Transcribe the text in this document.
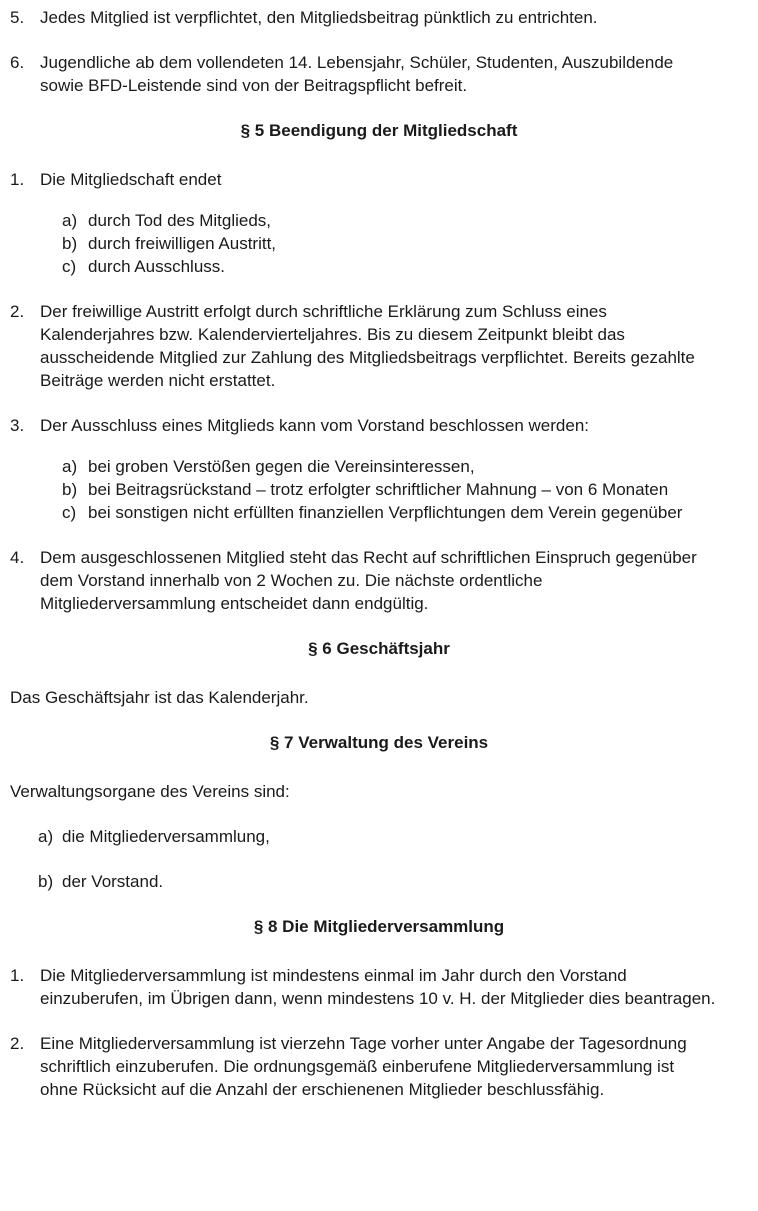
5. Jedes Mitglied ist verpflichtet, den Mitgliedsbeitrag pünktlich zu entrichten.
6. Jugendliche ab dem vollendeten 14. Lebensjahr, Schüler, Studenten, Auszubildende sowie BFD-Leistende sind von der Beitragspflicht befreit.
§ 5 Beendigung der Mitgliedschaft
1. Die Mitgliedschaft endet
a) durch Tod des Mitglieds,
b) durch freiwilligen Austritt,
c) durch Ausschluss.
2. Der freiwillige Austritt erfolgt durch schriftliche Erklärung zum Schluss eines Kalenderjahres bzw. Kalendervierteljahres. Bis zu diesem Zeitpunkt bleibt das ausscheidende Mitglied zur Zahlung des Mitgliedsbeitrags verpflichtet. Bereits gezahlte Beiträge werden nicht erstattet.
3. Der Ausschluss eines Mitglieds kann vom Vorstand beschlossen werden:
a) bei groben Verstößen gegen die Vereinsinteressen,
b) bei Beitragsrückstand – trotz erfolgter schriftlicher Mahnung – von 6 Monaten
c) bei sonstigen nicht erfüllten finanziellen Verpflichtungen dem Verein gegenüber
4. Dem ausgeschlossenen Mitglied steht das Recht auf schriftlichen Einspruch gegenüber dem Vorstand innerhalb von 2 Wochen zu. Die nächste ordentliche Mitgliederversammlung entscheidet dann endgültig.
§ 6 Geschäftsjahr
Das Geschäftsjahr ist das Kalenderjahr.
§ 7 Verwaltung des Vereins
Verwaltungsorgane des Vereins sind:
a) die Mitgliederversammlung,
b) der Vorstand.
§ 8 Die Mitgliederversammlung
1. Die Mitgliederversammlung ist mindestens einmal im Jahr durch den Vorstand einzuberufen, im Übrigen dann, wenn mindestens 10 v. H. der Mitglieder dies beantragen.
2. Eine Mitgliederversammlung ist vierzehn Tage vorher unter Angabe der Tagesordnung schriftlich einzuberufen. Die ordnungsgemäß einberufene Mitgliederversammlung ist ohne Rücksicht auf die Anzahl der erschienenen Mitglieder beschlussfähig.
